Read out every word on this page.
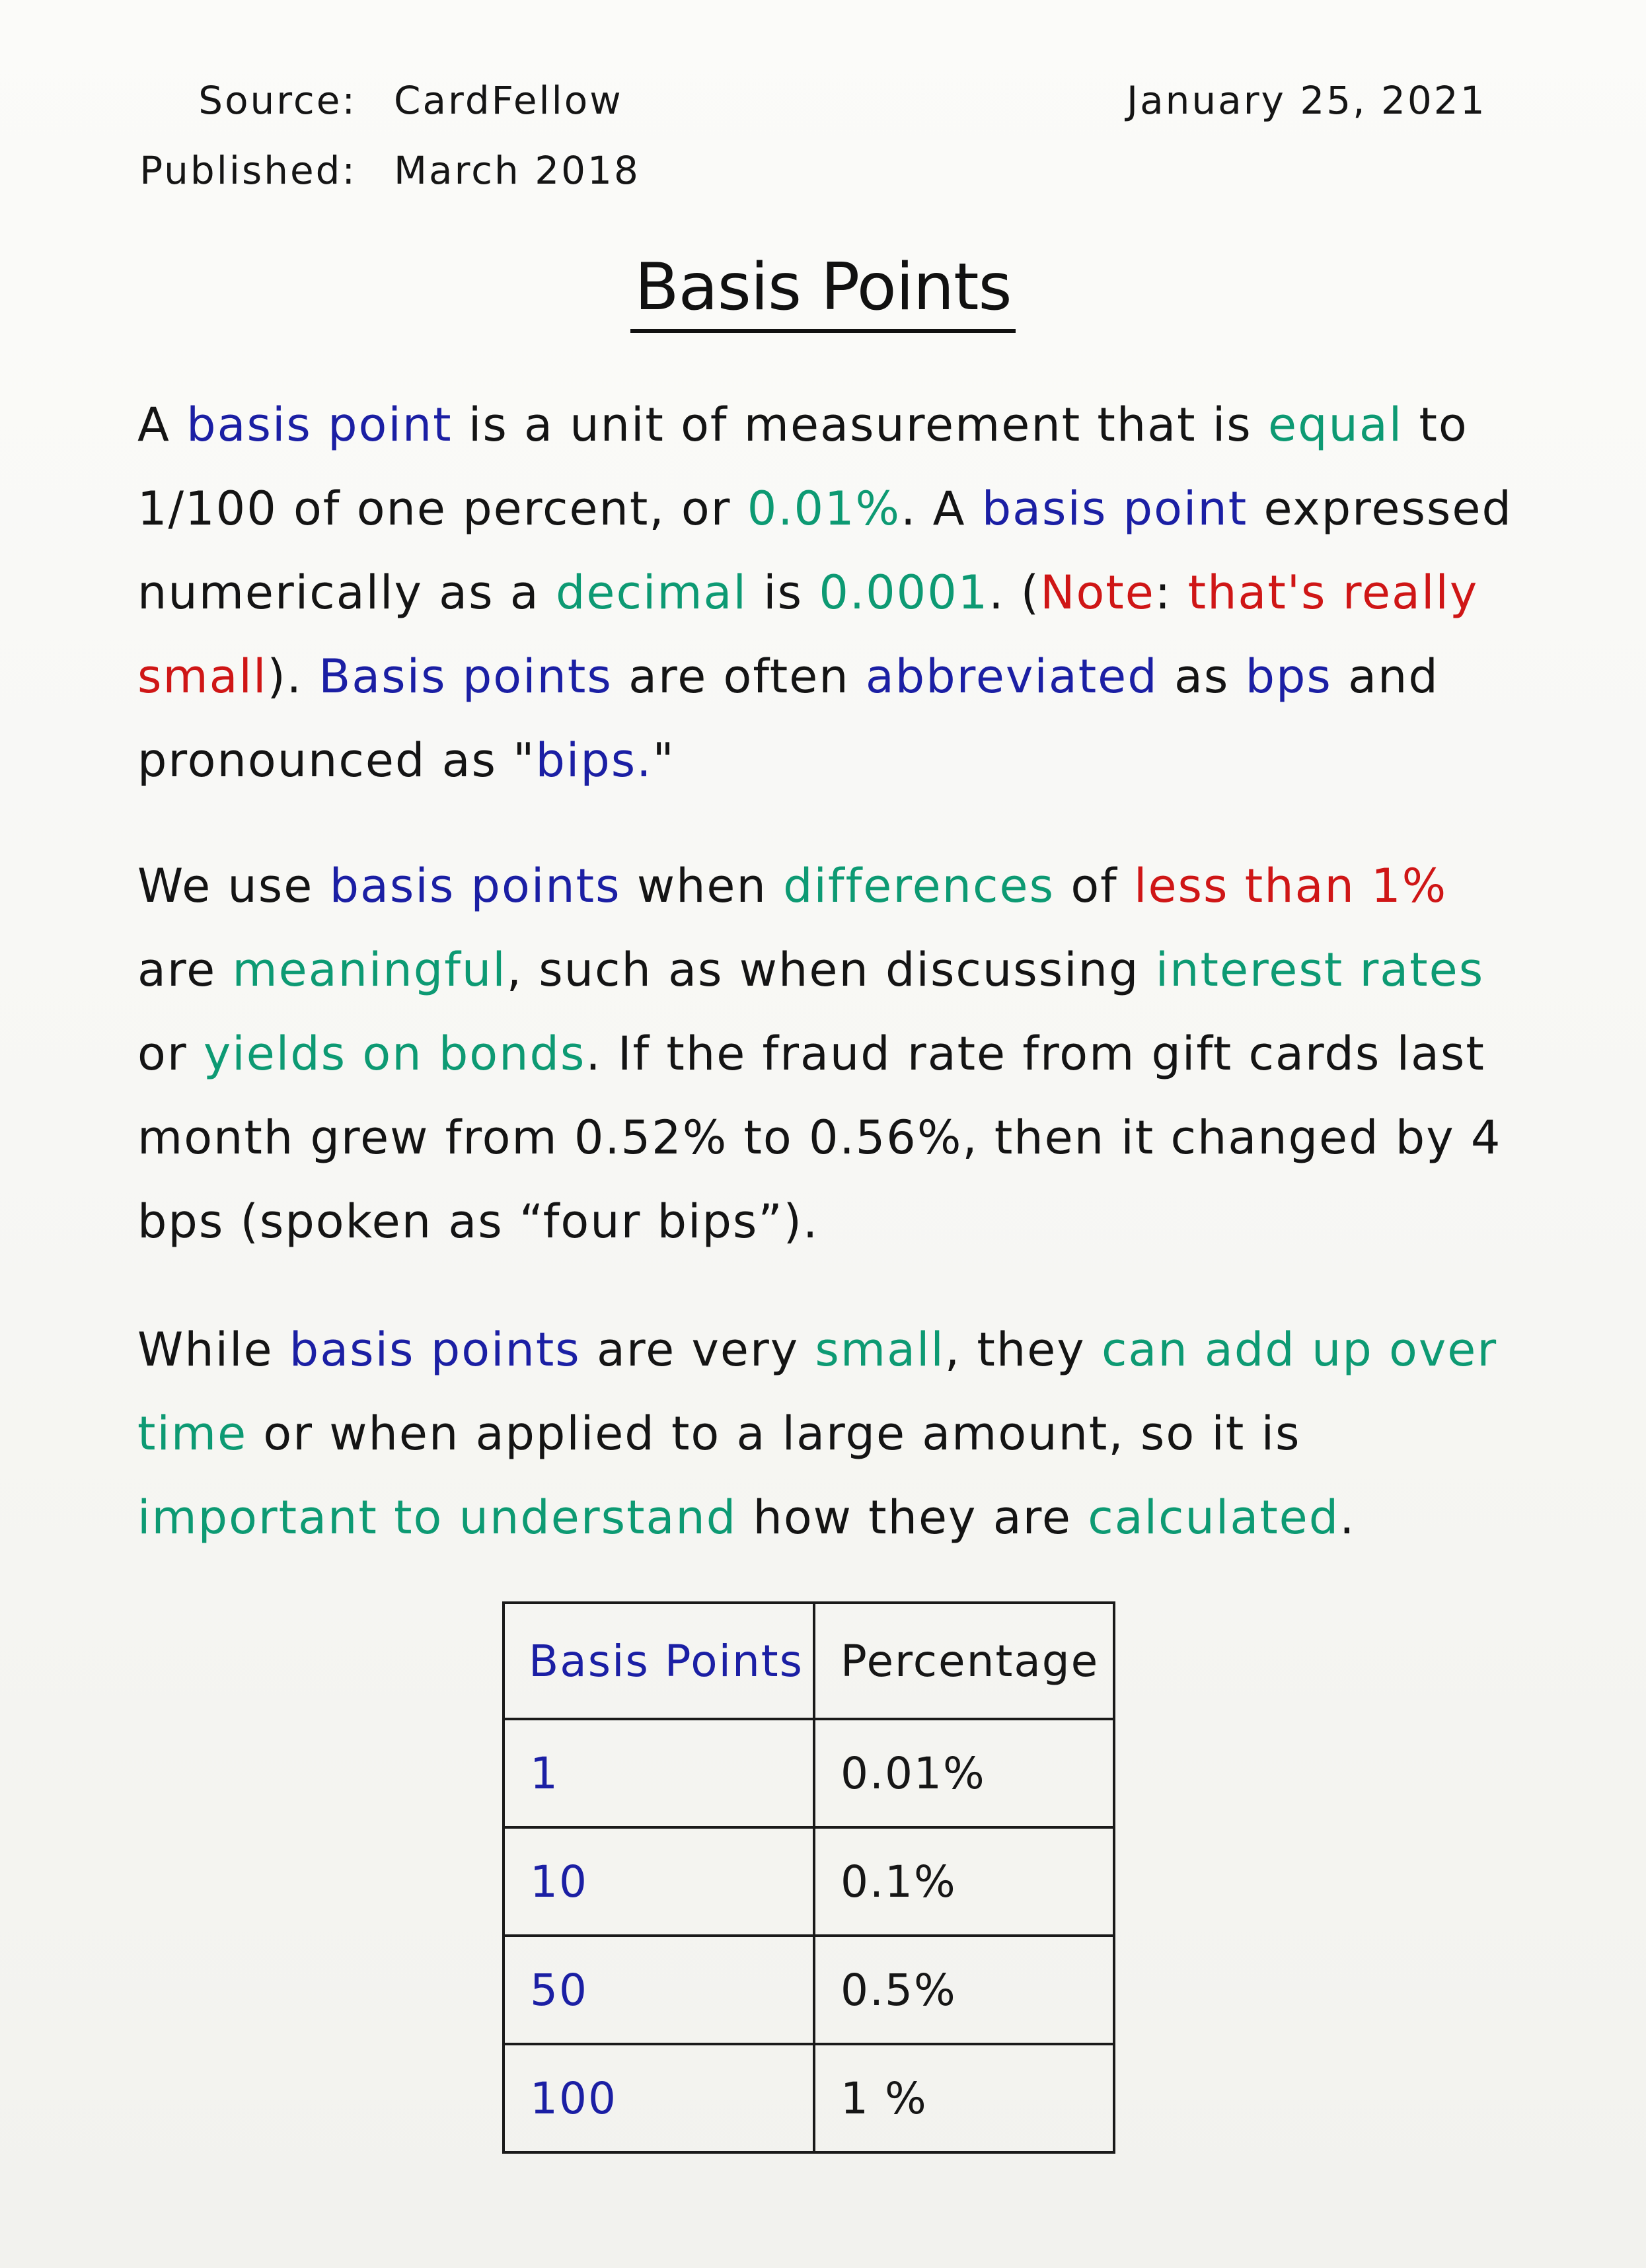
Source: CardFellow
Published: March 2018
January 25, 2021
Basis Points
A basis point is a unit of measurement that is equal to 1/100 of one percent, or 0.01%. A basis point expressed numerically as a decimal is 0.0001. (Note: that's really small). Basis points are often abbreviated as bps and pronounced as "bips."
We use basis points when differences of less than 1% are meaningful, such as when discussing interest rates or yields on bonds. If the fraud rate from gift cards last month grew from 0.52% to 0.56%, then it changed by 4 bps (spoken as “four bips”).
While basis points are very small, they can add up over time or when applied to a large amount, so it is important to understand how they are calculated.
Basis Points	Percentage
1	0.01%
10	0.1%
50	0.5%
100	1 %
